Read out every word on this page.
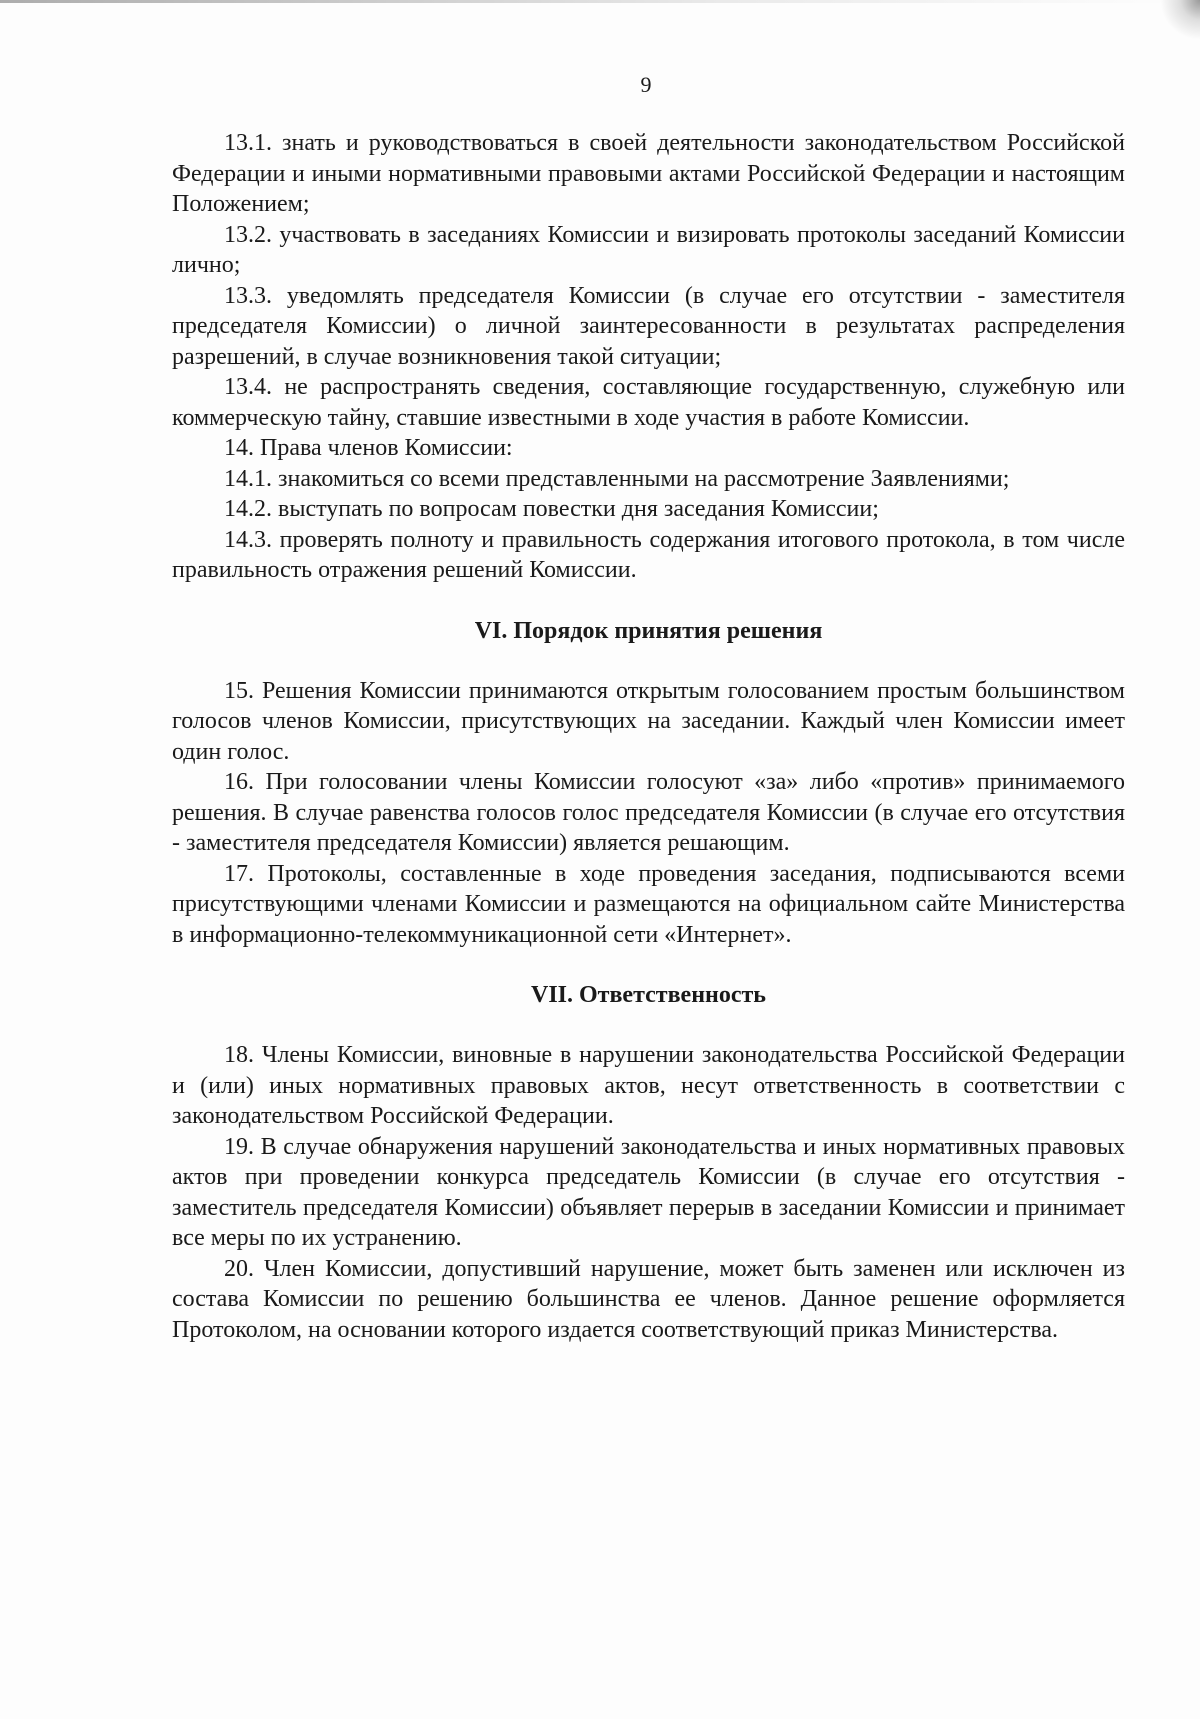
9

13.1. знать и руководствоваться в своей деятельности законодательством Российской Федерации и иными нормативными правовыми актами Российской Федерации и настоящим Положением;

13.2. участвовать в заседаниях Комиссии и визировать протоколы заседаний Комиссии лично;

13.3. уведомлять председателя Комиссии (в случае его отсутствии - заместителя председателя Комиссии) о личной заинтересованности в результатах распределения разрешений, в случае возникновения такой ситуации;

13.4. не распространять сведения, составляющие государственную, служебную или коммерческую тайну, ставшие известными в ходе участия в работе Комиссии.

14. Права членов Комиссии:

14.1. знакомиться со всеми представленными на рассмотрение Заявлениями;

14.2. выступать по вопросам повестки дня заседания Комиссии;

14.3. проверять полноту и правильность содержания итогового протокола, в том числе правильность отражения решений Комиссии.

VI. Порядок принятия решения

15. Решения Комиссии принимаются открытым голосованием простым большинством голосов членов Комиссии, присутствующих на заседании. Каждый член Комиссии имеет один голос.

16. При голосовании члены Комиссии голосуют «за» либо «против» принимаемого решения. В случае равенства голосов голос председателя Комиссии (в случае его отсутствия - заместителя председателя Комиссии) является решающим.

17. Протоколы, составленные в ходе проведения заседания, подписываются всеми присутствующими членами Комиссии и размещаются на официальном сайте Министерства в информационно-телекоммуникационной сети «Интернет».

VII. Ответственность

18. Члены Комиссии, виновные в нарушении законодательства Российской Федерации и (или) иных нормативных правовых актов, несут ответственность в соответствии с законодательством Российской Федерации.

19. В случае обнаружения нарушений законодательства и иных нормативных правовых актов при проведении конкурса председатель Комиссии (в случае его отсутствия - заместитель председателя Комиссии) объявляет перерыв в заседании Комиссии и принимает все меры по их устранению.

20. Член Комиссии, допустивший нарушение, может быть заменен или исключен из состава Комиссии по решению большинства ее членов. Данное решение оформляется Протоколом, на основании которого издается соответствующий приказ Министерства.
